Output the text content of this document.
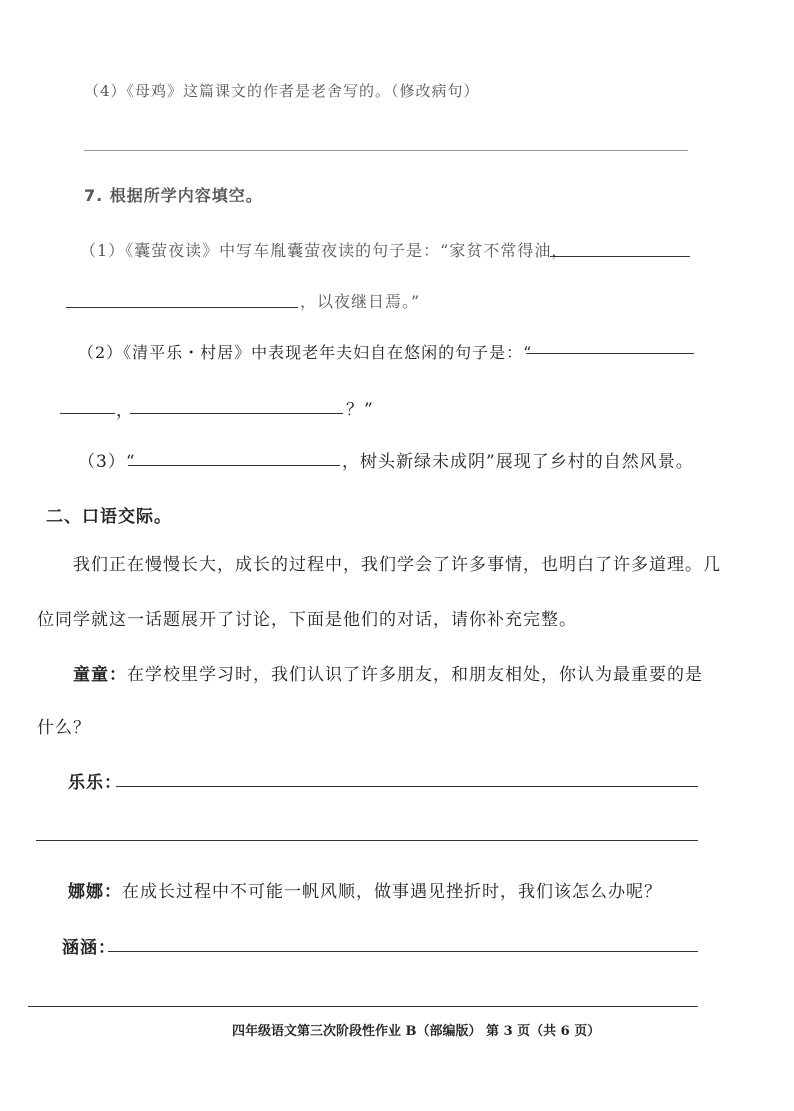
（4）《母鸡》这篇课文的作者是老舍写的。（修改病句）
7. 根据所学内容填空。
（1）《囊萤夜读》中写车胤囊萤夜读的句子是：“家贫不常得油，
，以夜继日焉。”
（2）《清平乐・村居》中表现老年夫妇自在悠闲的句子是：“
，	？”
（3）“	，树头新绿未成阴”展现了乡村的自然风景。
二、口语交际。
我们正在慢慢长大，成长的过程中，我们学会了许多事情，也明白了许多道理。几
位同学就这一话题展开了讨论，下面是他们的对话，请你补充完整。
童童：在学校里学习时，我们认识了许多朋友，和朋友相处，你认为最重要的是
什么？
乐乐：
娜娜：在成长过程中不可能一帆风顺，做事遇见挫折时，我们该怎么办呢？
涵涵：
四年级语文第三次阶段性作业 B（部编版） 第 3 页（共 6 页）
